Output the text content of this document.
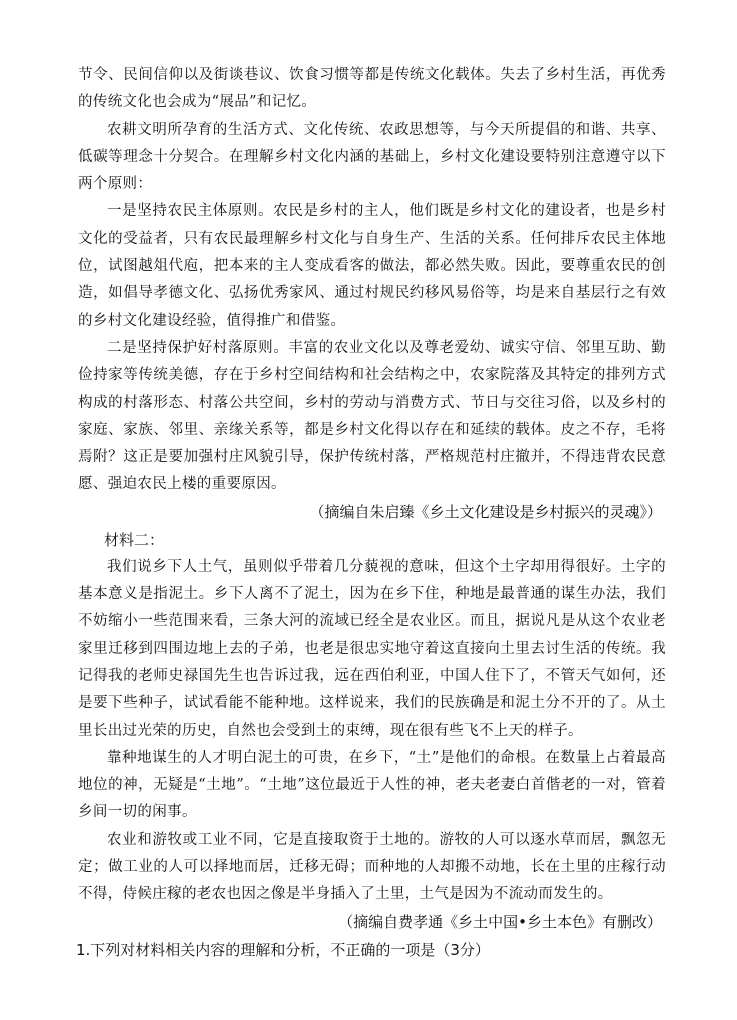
节令、民间信仰以及街谈巷议、饮食习惯等都是传统文化载体。失去了乡村生活，再优秀的传统文化也会成为“展品”和记忆。

农耕文明所孕育的生活方式、文化传统、农政思想等，与今天所提倡的和谐、共享、低碳等理念十分契合。在理解乡村文化内涵的基础上，乡村文化建设要特别注意遵守以下两个原则：

一是坚持农民主体原则。农民是乡村的主人，他们既是乡村文化的建设者，也是乡村文化的受益者，只有农民最理解乡村文化与自身生产、生活的关系。任何排斥农民主体地位，试图越俎代庖，把本来的主人变成看客的做法，都必然失败。因此，要尊重农民的创造，如倡导孝德文化、弘扬优秀家风、通过村规民约移风易俗等，均是来自基层行之有效的乡村文化建设经验，值得推广和借鉴。

二是坚持保护好村落原则。丰富的农业文化以及尊老爱幼、诚实守信、邻里互助、勤俭持家等传统美德，存在于乡村空间结构和社会结构之中，农家院落及其特定的排列方式构成的村落形态、村落公共空间，乡村的劳动与消费方式、节日与交往习俗，以及乡村的家庭、家族、邻里、亲缘关系等，都是乡村文化得以存在和延续的载体。皮之不存，毛将焉附？这正是要加强村庄风貌引导，保护传统村落，严格规范村庄撤并，不得违背农民意愿、强迫农民上楼的重要原因。

（摘编自朱启臻《乡土文化建设是乡村振兴的灵魂》）

材料二：

我们说乡下人土气，虽则似乎带着几分藐视的意味，但这个土字却用得很好。土字的基本意义是指泥土。乡下人离不了泥土，因为在乡下住，种地是最普通的谋生办法，我们不妨缩小一些范围来看，三条大河的流域已经全是农业区。而且，据说凡是从这个农业老家里迁移到四围边地上去的子弟，也老是很忠实地守着这直接向土里去讨生活的传统。我记得我的老师史禄国先生也告诉过我，远在西伯利亚，中国人住下了，不管天气如何，还是要下些种子，试试看能不能种地。这样说来，我们的民族确是和泥土分不开的了。从土里长出过光荣的历史，自然也会受到土的束缚，现在很有些飞不上天的样子。

靠种地谋生的人才明白泥土的可贵，在乡下，“土”是他们的命根。在数量上占着最高地位的神，无疑是“土地”。“土地”这位最近于人性的神，老夫老妻白首偕老的一对，管着乡间一切的闲事。

农业和游牧或工业不同，它是直接取资于土地的。游牧的人可以逐水草而居，飘忽无定；做工业的人可以择地而居，迁移无碍；而种地的人却搬不动地，长在土里的庄稼行动不得，侍候庄稼的老农也因之像是半身插入了土里，土气是因为不流动而发生的。

（摘编自费孝通《乡土中国•乡土本色》有删改）

1.下列对材料相关内容的理解和分析，不正确的一项是（3分）
